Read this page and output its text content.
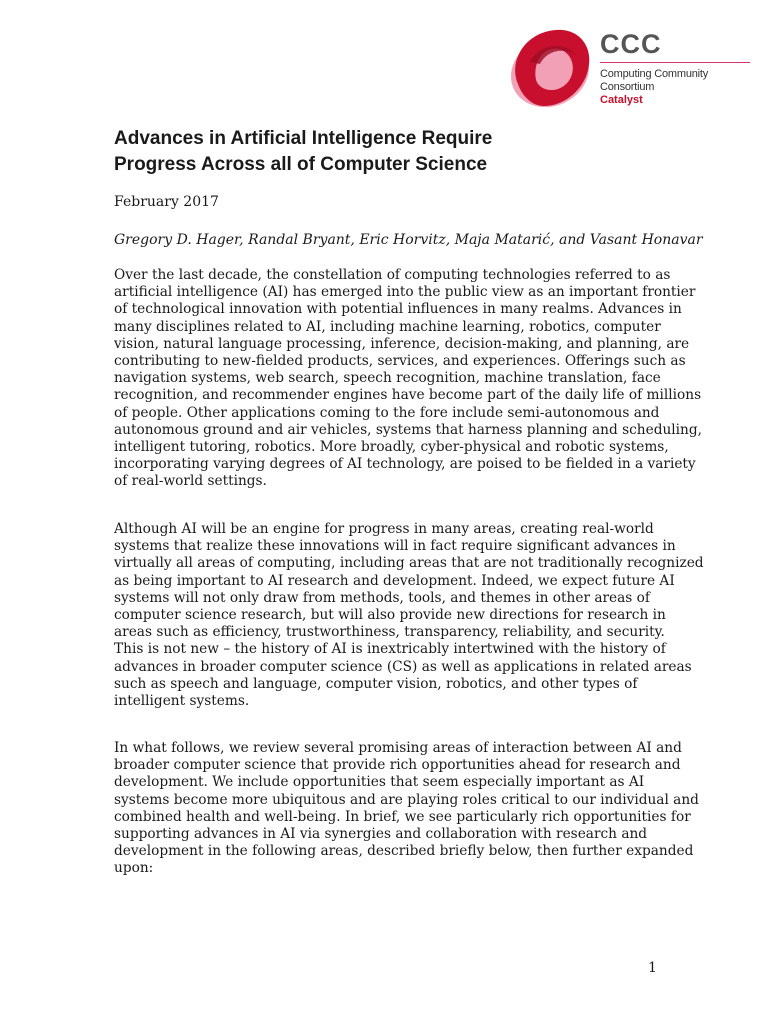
CCC
Computing Community Consortium
Catalyst
Advances in Artificial Intelligence Require
Progress Across all of Computer Science

February 2017

Gregory D. Hager, Randal Bryant, Eric Horvitz, Maja Matarić, and Vasant Honavar

Over the last decade, the constellation of computing technologies referred to as
artificial intelligence (AI) has emerged into the public view as an important frontier
of technological innovation with potential influences in many realms. Advances in
many disciplines related to AI, including machine learning, robotics, computer
vision, natural language processing, inference, decision-making, and planning, are
contributing to new-fielded products, services, and experiences. Offerings such as
navigation systems, web search, speech recognition, machine translation, face
recognition, and recommender engines have become part of the daily life of millions
of people. Other applications coming to the fore include semi-autonomous and
autonomous ground and air vehicles, systems that harness planning and scheduling,
intelligent tutoring, robotics. More broadly, cyber-physical and robotic systems,
incorporating varying degrees of AI technology, are poised to be fielded in a variety
of real-world settings.

Although AI will be an engine for progress in many areas, creating real-world
systems that realize these innovations will in fact require significant advances in
virtually all areas of computing, including areas that are not traditionally recognized
as being important to AI research and development. Indeed, we expect future AI
systems will not only draw from methods, tools, and themes in other areas of
computer science research, but will also provide new directions for research in
areas such as efficiency, trustworthiness, transparency, reliability, and security.
This is not new – the history of AI is inextricably intertwined with the history of
advances in broader computer science (CS) as well as applications in related areas
such as speech and language, computer vision, robotics, and other types of
intelligent systems.

In what follows, we review several promising areas of interaction between AI and
broader computer science that provide rich opportunities ahead for research and
development. We include opportunities that seem especially important as AI
systems become more ubiquitous and are playing roles critical to our individual and
combined health and well-being. In brief, we see particularly rich opportunities for
supporting advances in AI via synergies and collaboration with research and
development in the following areas, described briefly below, then further expanded
upon:

1
